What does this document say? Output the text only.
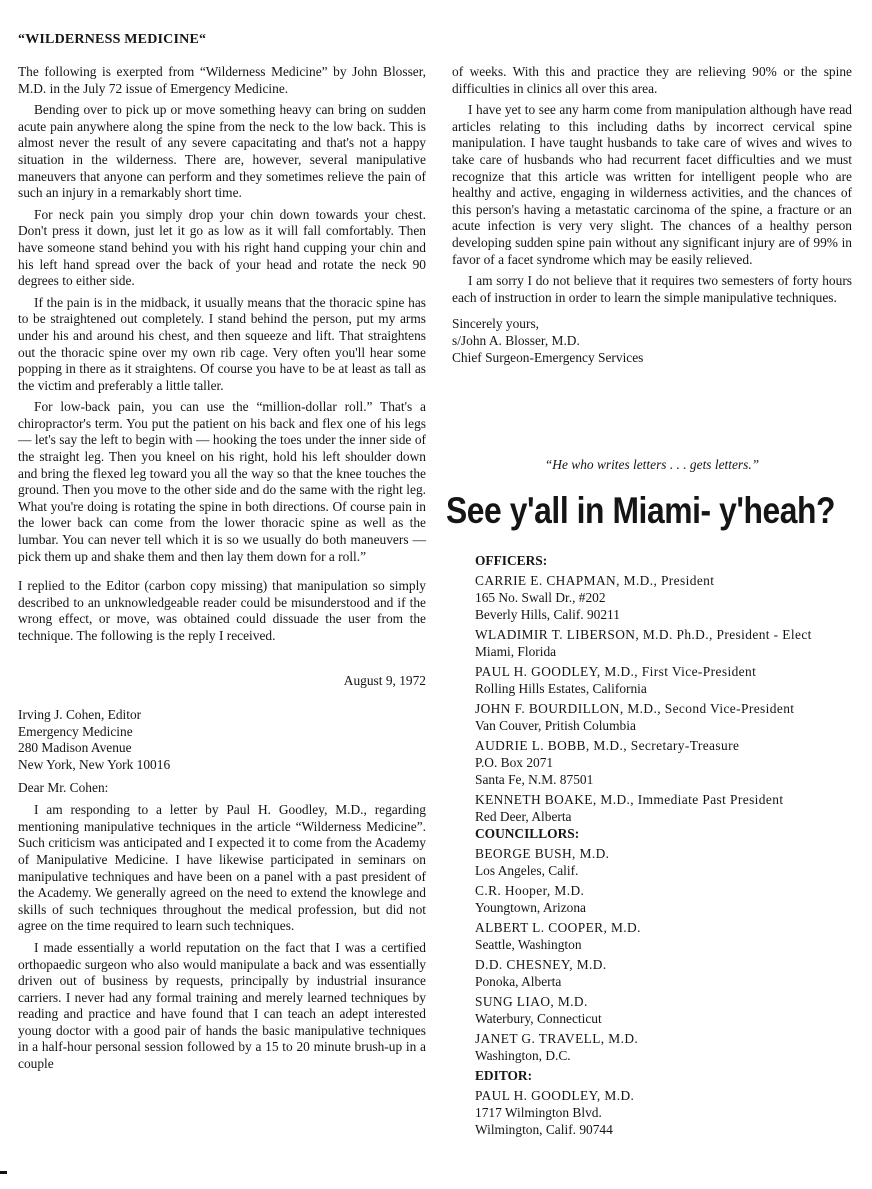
“WILDERNESS MEDICINE“

The following is exerpted from “Wilderness Medicine” by John Blosser, M.D. in the July 72 issue of Emergency Medicine.

Bending over to pick up or move something heavy can bring on sudden acute pain anywhere along the spine from the neck to the low back. This is almost never the result of any severe capacitating and that's not a happy situation in the wilderness. There are, however, several manipulative maneuvers that anyone can perform and they sometimes relieve the pain of such an injury in a remarkably short time.

For neck pain you simply drop your chin down towards your chest. Don't press it down, just let it go as low as it will fall comfortably. Then have someone stand behind you with his right hand cupping your chin and his left hand spread over the back of your head and rotate the neck 90 degrees to either side.

If the pain is in the midback, it usually means that the thoracic spine has to be straightened out completely. I stand behind the person, put my arms under his and around his chest, and then squeeze and lift. That straightens out the thoracic spine over my own rib cage. Very often you'll hear some popping in there as it straightens. Of course you have to be at least as tall as the victim and preferably a little taller.

For low-back pain, you can use the “million-dollar roll.” That's a chiropractor's term. You put the patient on his back and flex one of his legs — let's say the left to begin with — hooking the toes under the inner side of the straight leg. Then you kneel on his right, hold his left shoulder down and bring the flexed leg toward you all the way so that the knee touches the ground. Then you move to the other side and do the same with the right leg. What you're doing is rotating the spine in both directions. Of course pain in the lower back can come from the lower thoracic spine as well as the lumbar. You can never tell which it is so we usually do both maneuvers — pick them up and shake them and then lay them down for a roll.”

I replied to the Editor (carbon copy missing) that manipulation so simply described to an unknowledgeable reader could be misunderstood and if the wrong effect, or move, was obtained could dissuade the user from the technique. The following is the reply I received.

August 9, 1972

Irving J. Cohen, Editor
Emergency Medicine
280 Madison Avenue
New York, New York 10016

Dear Mr. Cohen:

I am responding to a letter by Paul H. Goodley, M.D., regarding mentioning manipulative techniques in the article “Wilderness Medicine”. Such criticism was anticipated and I expected it to come from the Academy of Manipulative Medicine. I have likewise participated in seminars on manipulative techniques and have been on a panel with a past president of the Academy. We generally agreed on the need to extend the knowlege and skills of such techniques throughout the medical profession, but did not agree on the time required to learn such techniques.

I made essentially a world reputation on the fact that I was a certified orthopaedic surgeon who also would manipulate a back and was essentially driven out of business by requests, principally by industrial insurance carriers. I never had any formal training and merely learned techniques by reading and practice and have found that I can teach an adept interested young doctor with a good pair of hands the basic manipulative techniques in a half-hour personal session followed by a 15 to 20 minute brush-up in a couple

of weeks. With this and practice they are relieving 90% or the spine difficulties in clinics all over this area.

I have yet to see any harm come from manipulation although have read articles relating to this including daths by incorrect cervical spine manipulation. I have taught husbands to take care of wives and wives to take care of husbands who had recurrent facet difficulties and we must recognize that this article was written for intelligent people who are healthy and active, engaging in wilderness activities, and the chances of this person's having a metastatic carcinoma of the spine, a fracture or an acute infection is very very slight. The chances of a healthy person developing sudden spine pain without any significant injury are of 99% in favor of a facet syndrome which may be easily relieved.

I am sorry I do not believe that it requires two semesters of forty hours each of instruction in order to learn the simple manipulative techniques.

Sincerely yours,
s/John A. Blosser, M.D.
Chief Surgeon-Emergency Services
“He who writes letters . . . gets letters.”
See y'all in Miami- y'heah?
OFFICERS:
CARRIE E. CHAPMAN, M.D., President
165 No. Swall Dr., #202
Beverly Hills, Calif. 90211
WLADIMIR T. LIBERSON, M.D. Ph.D., President - Elect
Miami, Florida
PAUL H. GOODLEY, M.D., First Vice-President
Rolling Hills Estates, California
JOHN F. BOURDILLON, M.D., Second Vice-President
Van Couver, Pritish Columbia
AUDRIE L. BOBB, M.D., Secretary-Treasure
P.O. Box 2071
Santa Fe, N.M. 87501
KENNETH BOAKE, M.D., Immediate Past President
Red Deer, Alberta
COUNCILLORS:
BEORGE BUSH, M.D.
Los Angeles, Calif.
C.R. Hooper, M.D.
Youngtown, Arizona
ALBERT L. COOPER, M.D.
Seattle, Washington
D.D. CHESNEY, M.D.
Ponoka, Alberta
SUNG LIAO, M.D.
Waterbury, Connecticut
JANET G. TRAVELL, M.D.
Washington, D.C.
EDITOR:
PAUL H. GOODLEY, M.D.
1717 Wilmington Blvd.
Wilmington, Calif. 90744
